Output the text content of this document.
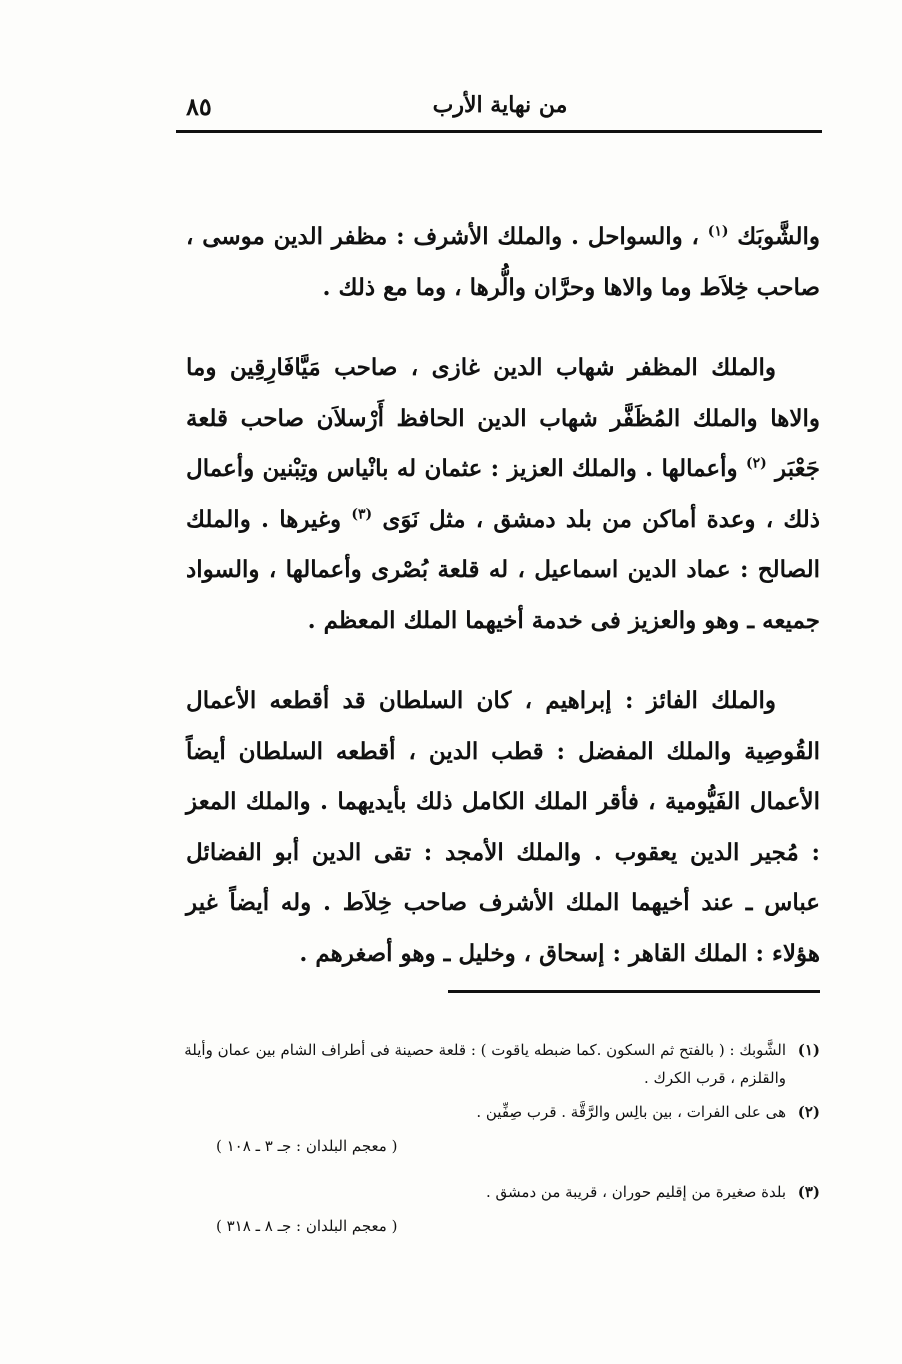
٨٥	من نهاية الأرب

والشَّوبَك $^{(١)}$ ، والسواحل . والملك الأشرف : مظفر الدين موسى ، صاحب خِلاَط وما والاها وحرَّان والُّرها ، وما مع ذلك .

والملك المظفر شهاب الدين غازى ، صاحب مَيَّافَارِقِين وما والاها والملك المُظَفَّر شهاب الدين الحافظ أَرْسلاَن صاحب قلعة جَعْبَر $^{(٢)}$ وأعمالها . والملك العزيز : عثمان له بانْياس وتِبْنين وأعمال ذلك ، وعدة أماكن من بلد دمشق ، مثل نَوَى $^{(٣)}$ وغيرها . والملك الصالح : عماد الدين اسماعيل ، له قلعة بُصْرى وأعمالها ، والسواد جميعه ـ وهو والعزيز فى خدمة أخيهما الملك المعظم .

والملك الفائز : إبراهيم ، كان السلطان قد أقطعه الأعمال القُوصِية والملك المفضل : قطب الدين ، أقطعه السلطان أيضاً الأعمال الفَيُّومية ، فأقر الملك الكامل ذلك بأيديهما . والملك المعز : مُجير الدين يعقوب . والملك الأمجد : تقى الدين أبو الفضائل عباس ـ عند أخيهما الملك الأشرف صاحب خِلاَط . وله أيضاً غير هؤلاء : الملك القاهر : إسحاق ، وخليل ـ وهو أصغرهم .

(١)
الشَّوبك : ( بالفتح ثم السكون .كما ضبطه ياقوت ) : قلعة حصينة فى أطراف الشام بين عمان وأيلة والقلزم ، قرب الكرك .
(٢)
هى على الفرات ، بين بالِس والرَّقَّة . قرب صِفِّين .
( معجم البلدان : جـ ٣ ـ ١٠٨ )
(٣)
بلدة صغيرة من إقليم حوران ، قريبة من دمشق .
( معجم البلدان : جـ ٨ ـ ٣١٨ )
